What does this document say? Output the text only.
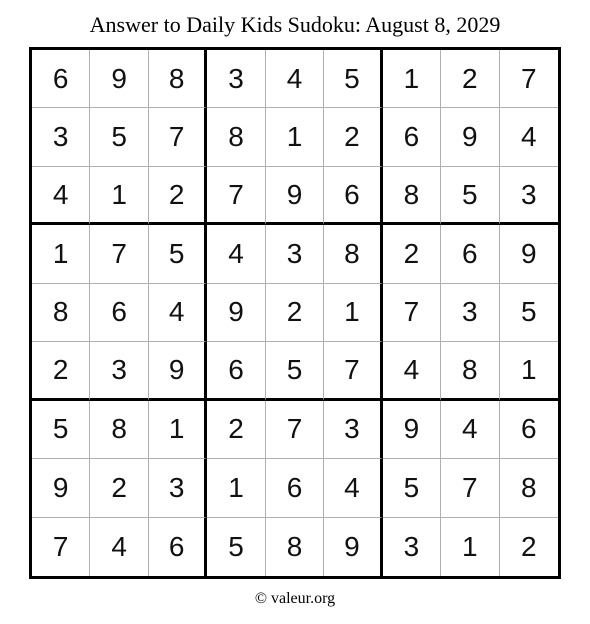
Answer to Daily Kids Sudoku: August 8, 2029
6	9	8	3	4	5	1	2	7
3	5	7	8	1	2	6	9	4
4	1	2	7	9	6	8	5	3
1	7	5	4	3	8	2	6	9
8	6	4	9	2	1	7	3	5
2	3	9	6	5	7	4	8	1
5	8	1	2	7	3	9	4	6
9	2	3	1	6	4	5	7	8
7	4	6	5	8	9	3	1	2
© valeur.org
